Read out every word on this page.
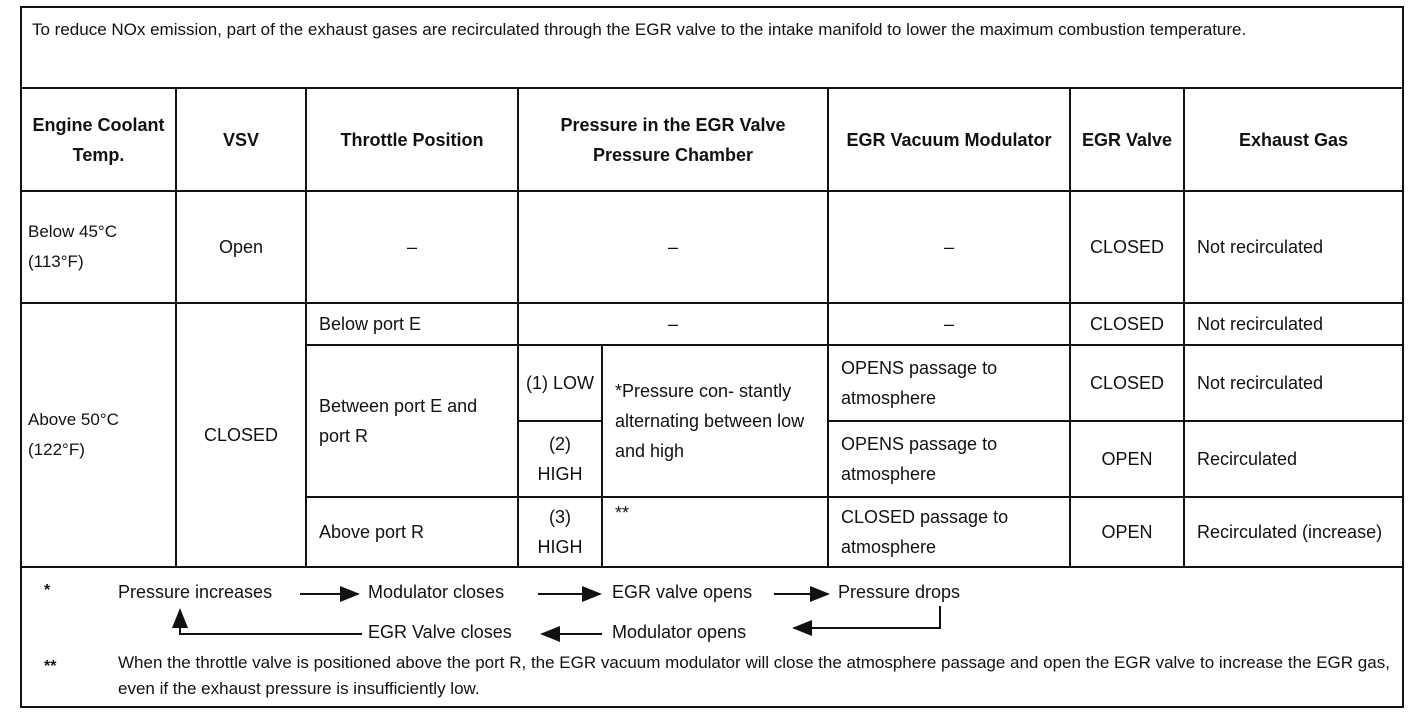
To reduce NOx emission, part of the exhaust gases are recirculated through the EGR valve to the intake manifold to lower the maximum combustion temperature.
Engine Coolant Temp.	VSV	Throttle Position	Pressure in the EGR Valve Pressure Chamber		EGR Vacuum Modulator	EGR Valve	Exhaust Gas
Below 45°C (113°F)	Open	–	–		–	CLOSED	Not recirculated
Above 50°C (122°F)	CLOSED	Below port E	–		–	CLOSED	Not recirculated
		Between port E and port R	(1) LOW	*Pressure con- stantly alternating between low and high	OPENS passage to atmosphere	CLOSED	Not recirculated
			(2) HIGH		OPENS passage to atmosphere	OPEN	Recirculated
		Above port R	(3) HIGH	**	CLOSED passage to atmosphere	OPEN	Recirculated (increase)
*	Pressure increases	Modulator closes	EGR valve opens	Pressure drops
EGR Valve closes	Modulator opens
**	When the throttle valve is positioned above the port R, the EGR vacuum modulator will close the atmosphere passage and open the EGR valve to increase the EGR gas, even if the exhaust pressure is insufficiently low.
